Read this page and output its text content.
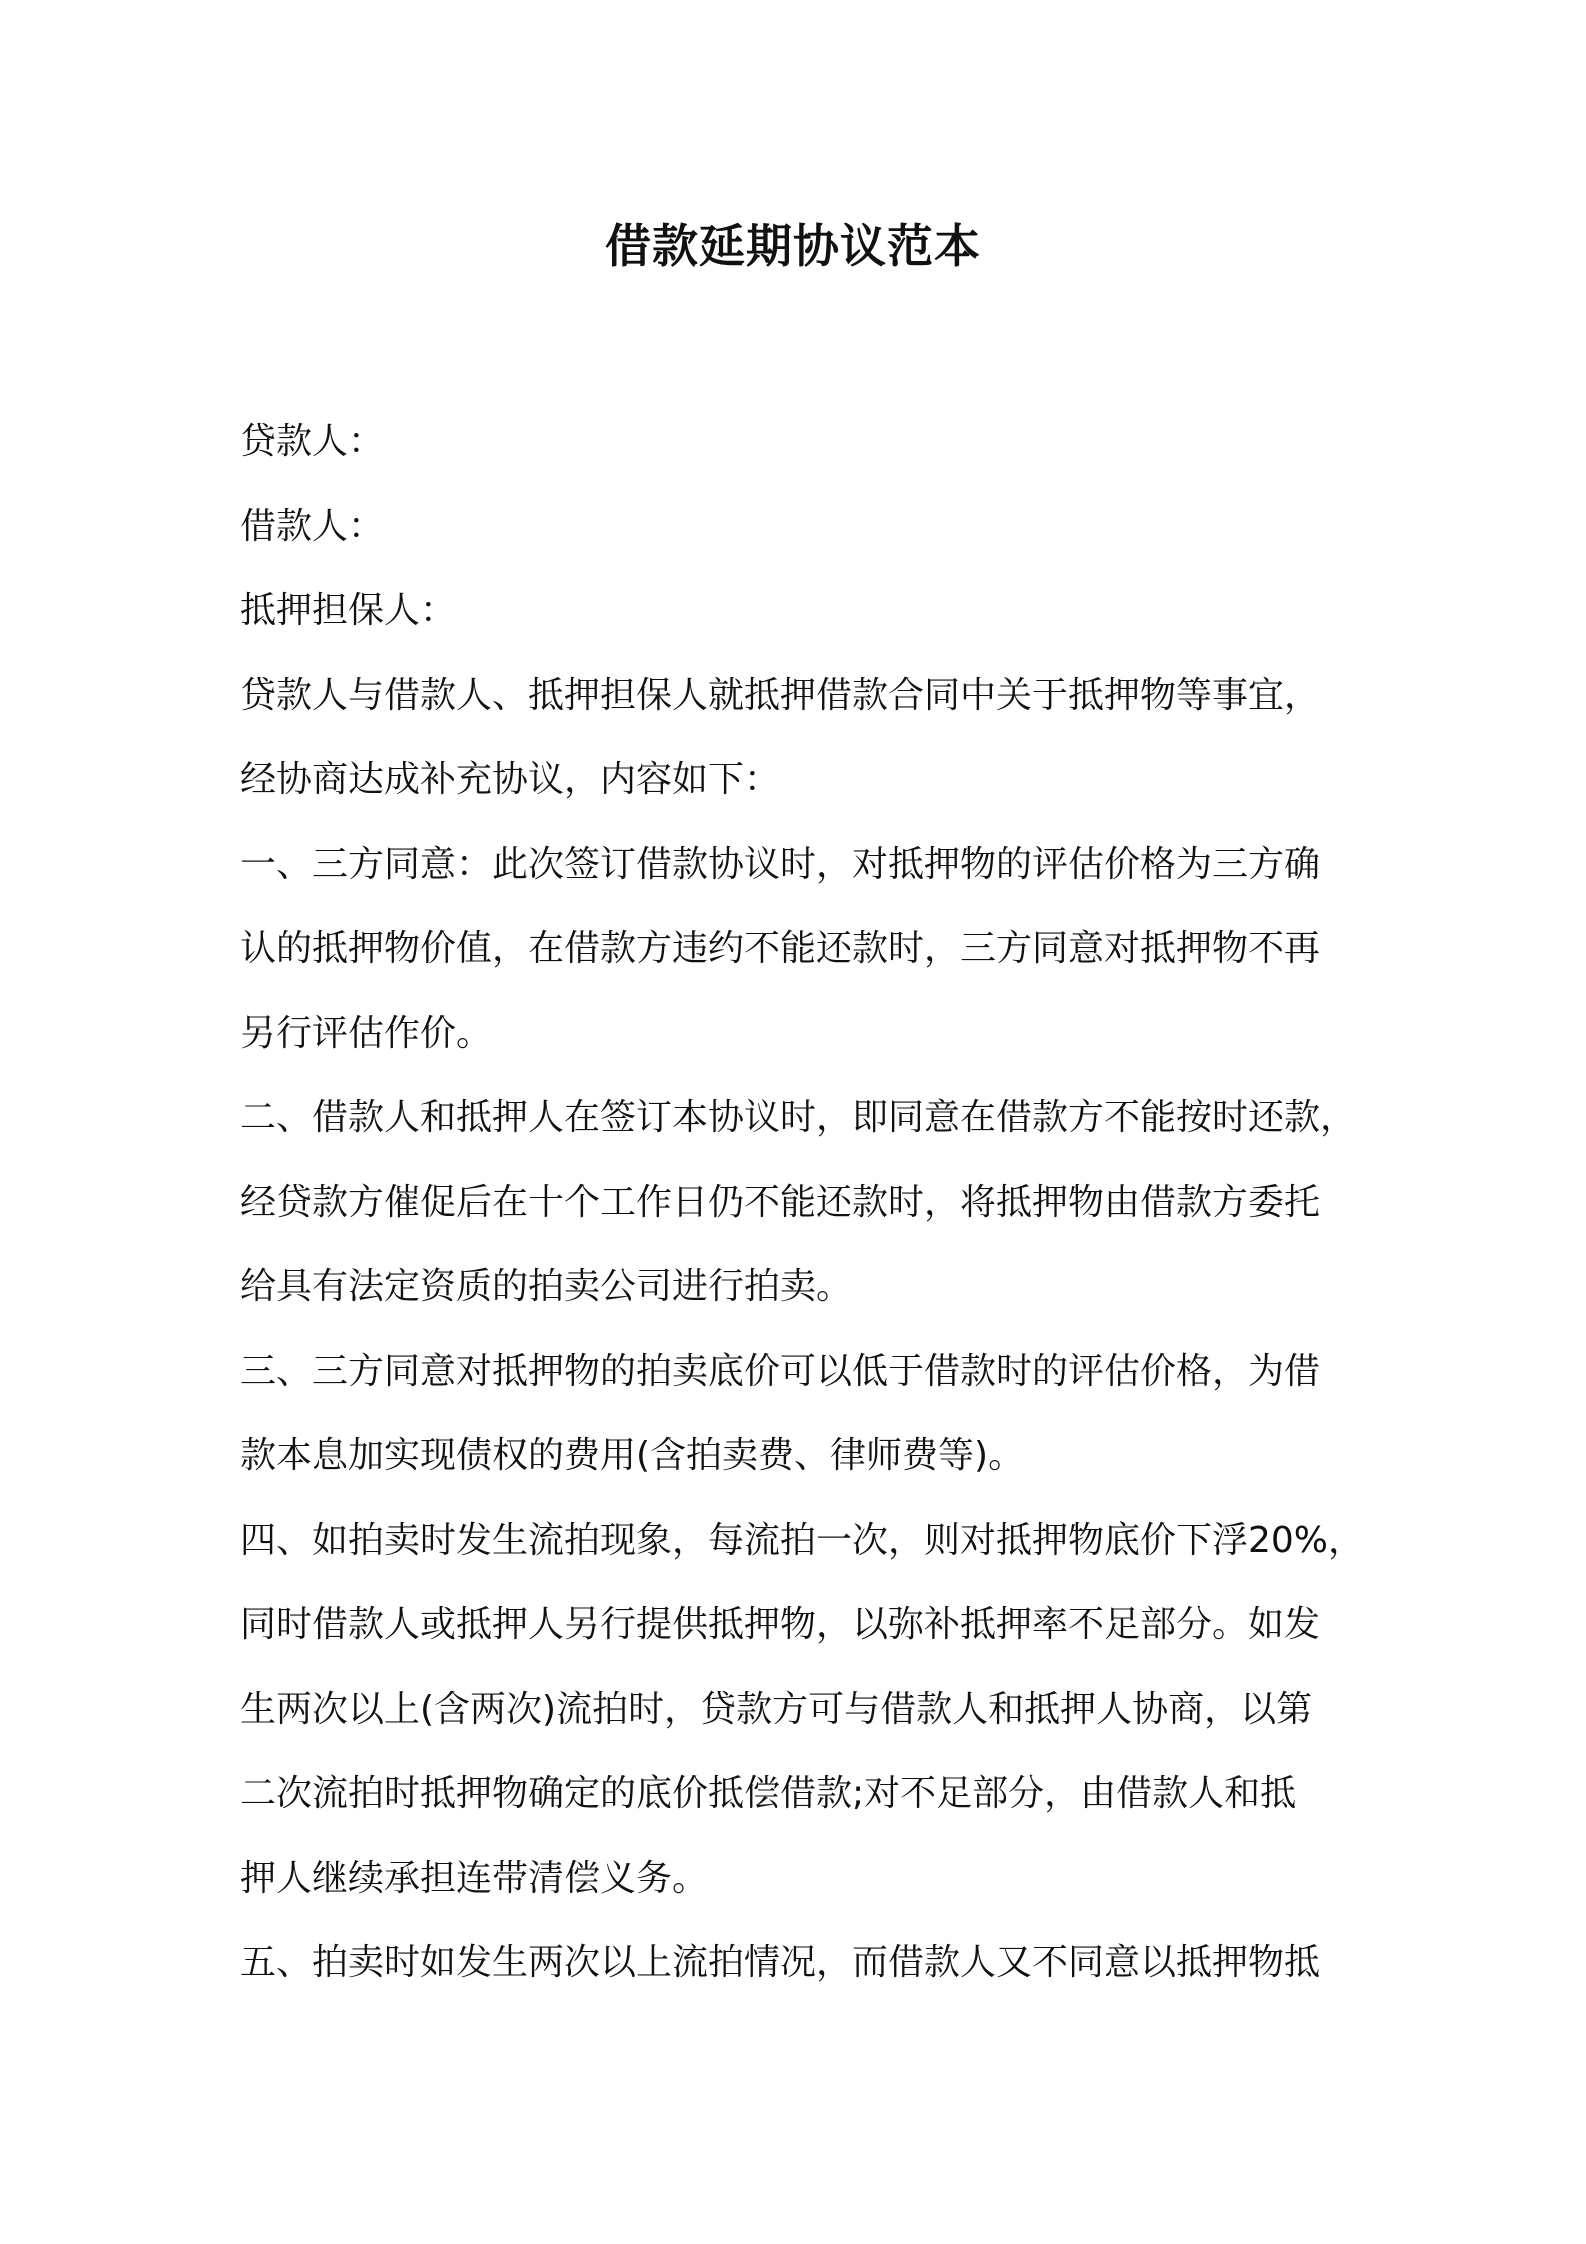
借款延期协议范本
贷款人：
借款人：
抵押担保人：
贷款人与借款人、抵押担保人就抵押借款合同中关于抵押物等事宜，
经协商达成补充协议，内容如下：
一、三方同意：此次签订借款协议时，对抵押物的评估价格为三方确
认的抵押物价值，在借款方违约不能还款时，三方同意对抵押物不再
另行评估作价。
二、借款人和抵押人在签订本协议时，即同意在借款方不能按时还款，
经贷款方催促后在十个工作日仍不能还款时，将抵押物由借款方委托
给具有法定资质的拍卖公司进行拍卖。
三、三方同意对抵押物的拍卖底价可以低于借款时的评估价格，为借
款本息加实现债权的费用(含拍卖费、律师费等)。
四、如拍卖时发生流拍现象，每流拍一次，则对抵押物底价下浮20%，
同时借款人或抵押人另行提供抵押物，以弥补抵押率不足部分。如发
生两次以上(含两次)流拍时，贷款方可与借款人和抵押人协商，以第
二次流拍时抵押物确定的底价抵偿借款;对不足部分，由借款人和抵
押人继续承担连带清偿义务。
五、拍卖时如发生两次以上流拍情况，而借款人又不同意以抵押物抵
